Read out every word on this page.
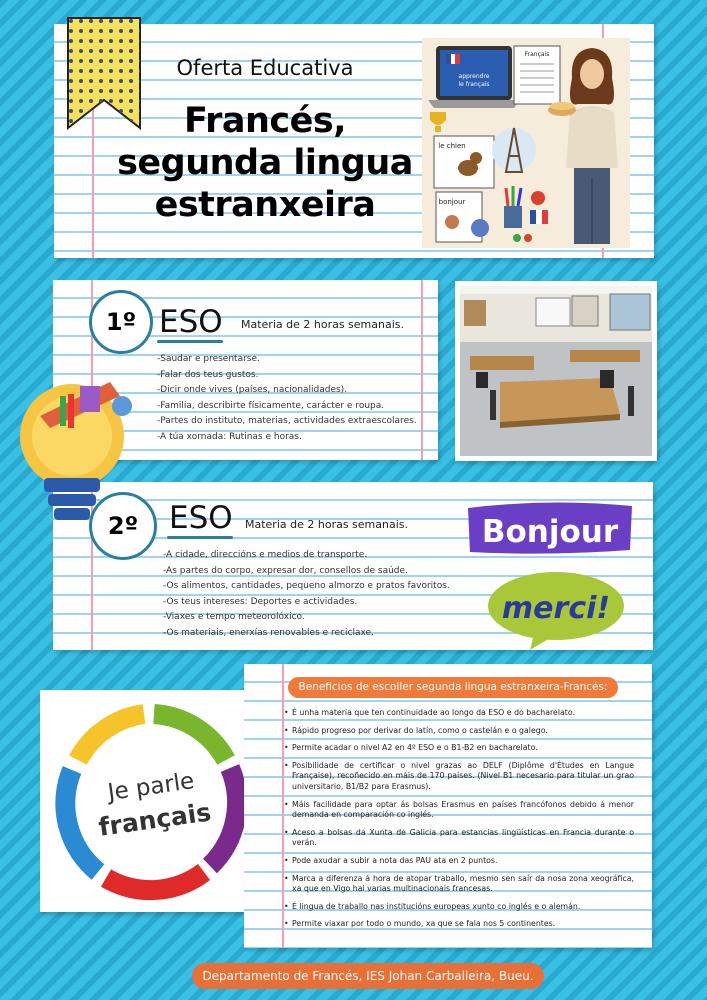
Oferta Educativa
Francés,
segunda lingua
estranxeira
apprendre
le français
Français
le chien
bonjour
1º ESO Materia de 2 horas semanais.
-Saudar e presentarse.
-Falar dos teus gustos.
-Dicir onde vives (países, nacionalidades).
-Familia, describirte físicamente, carácter e roupa.
-Partes do instituto, materias, actividades extraescolares.
-A túa xornada: Rutinas e horas.
2º ESO Materia de 2 horas semanais.
-A cidade, direccións e medios de transporte.
-As partes do corpo, expresar dor, consellos de saúde.
-Os alimentos, cantidades, pequeno almorzo e pratos favoritos.
-Os teus intereses: Deportes e actividades.
-Viaxes e tempo meteorolóxico.
-Os materiais, enerxías renovables e reciclaxe.
Bonjour
merci!
Je parle
français
Beneficios de escoller segunda lingua estranxeira-Francés:
• É unha materia que ten continuidade ao longo da ESO e do bacharelato.
• Rápido progreso por derivar do latín, como o castelán e o galego.
• Permite acadar o nivel A2 en 4º ESO e o B1-B2 en bacharelato.
• Posibilidade de certificar o nivel grazas ao DELF (Diplôme d'Études en Langue Française), recoñecido en máis de 170 países. (Nivel B1 necesario para titular un grao universitario, B1/B2 para Erasmus).
• Máis facilidade para optar ás bolsas Erasmus en países francófonos debido á menor demanda en comparación co inglés.
• Aceso a bolsas da Xunta de Galicia para estancias lingüísticas en Francia durante o verán.
• Pode axudar a subir a nota das PAU ata en 2 puntos.
• Marca a diferenza á hora de atopar traballo, mesmo sen saír da nosa zona xeográfica, xa que en Vigo hai varias multinacionais francesas.
• É lingua de traballo nas institucións europeas xunto co inglés e o alemán.
• Permite viaxar por todo o mundo, xa que se fala nos 5 continentes.
Departamento de Francés, IES Johan Carballeira, Bueu.
